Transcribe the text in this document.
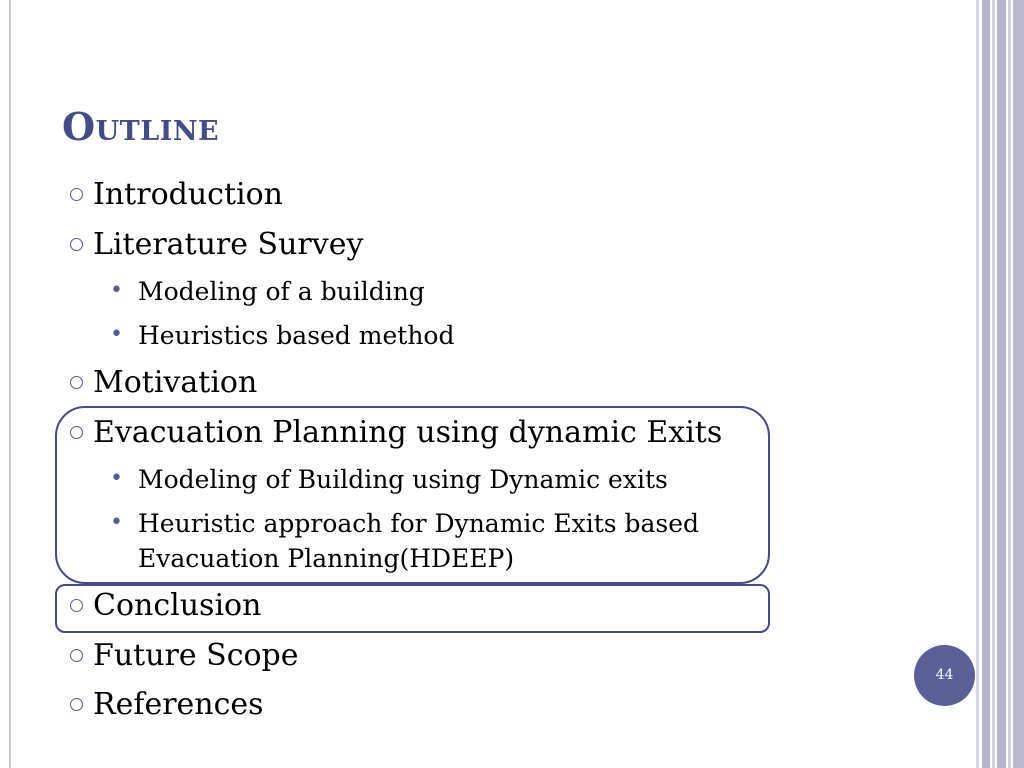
Outline
Introduction
Literature Survey
• Modeling of a building
• Heuristics based method
Motivation
Evacuation Planning using dynamic Exits
• Modeling of Building using Dynamic exits
• Heuristic approach for Dynamic Exits based
Evacuation Planning(HDEEP)
Conclusion
Future Scope
References
44
